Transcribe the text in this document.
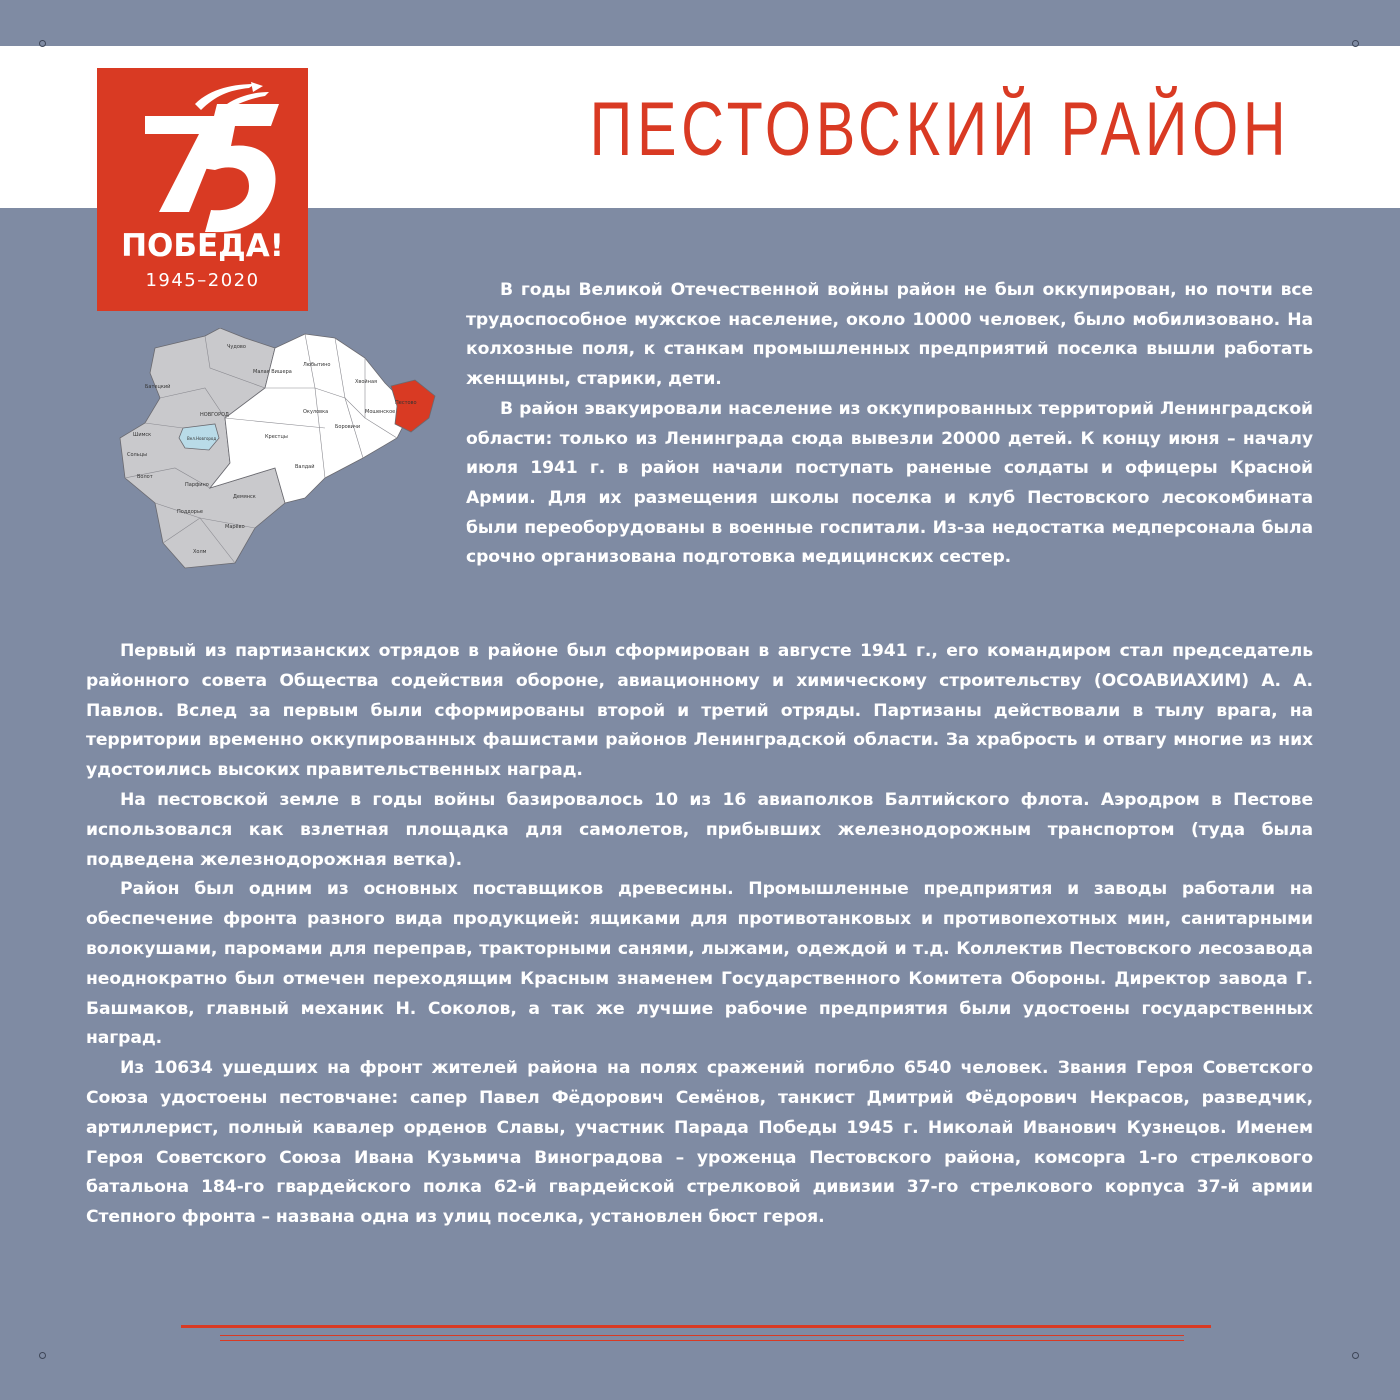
ПЕСТОВСКИЙ РАЙОН
ПОБЕДА!
1945–2020
Чудово
Малая Вишера
Любытино
Хвойная
Пестово
Мошенское
Боровичи
Окуловка
Крестцы
Валдай
Батецкий
НОВГОРОД
Вел.Новгород
Шимск
Сольцы
Волот
Парфино
Демянск
Поддорье
Марёво
Холм

В годы Великой Отечественной войны район не был оккупирован, но почти все трудоспособное мужское население, около 10000 человек, было мобилизовано. На колхозные поля, к станкам промышленных предприятий поселка вышли работать женщины, старики, дети.

В район эвакуировали население из оккупированных территорий Ленинградской области: только из Ленинграда сюда вывезли 20000 детей. К концу июня – началу июля 1941 г. в район начали поступать раненые солдаты и офицеры Красной Армии. Для их размещения школы поселка и клуб Пестовского лесокомбината были переоборудованы в военные госпитали. Из-за недостатка медперсонала была срочно организована подготовка медицинских сестер.

Первый из партизанских отрядов в районе был сформирован в августе 1941 г., его командиром стал председатель районного совета Общества содействия обороне, авиационному и химическому строительству (ОСОАВИАХИМ) А. А. Павлов. Вслед за первым были сформированы второй и третий отряды. Партизаны действовали в тылу врага, на территории временно оккупированных фашистами районов Ленинградской области. За храбрость и отвагу многие из них удостоились высоких правительственных наград.

На пестовской земле в годы войны базировалось 10 из 16 авиаполков Балтийского флота. Аэродром в Пестове использовался как взлетная площадка для самолетов, прибывших железнодорожным транспортом (туда была подведена железнодорожная ветка).

Район был одним из основных поставщиков древесины. Промышленные предприятия и заводы работали на обеспечение фронта разного вида продукцией: ящиками для противотанковых и противопехотных мин, санитарными волокушами, паромами для переправ, тракторными санями, лыжами, одеждой и т.д. Коллектив Пестовского лесозавода неоднократно был отмечен переходящим Красным знаменем Государственного Комитета Обороны. Директор завода Г. Башмаков, главный механик Н. Соколов, а так же лучшие рабочие предприятия были удостоены государственных наград.

Из 10634 ушедших на фронт жителей района на полях сражений погибло 6540 человек. Звания Героя Советского Союза удостоены пестовчане: сапер Павел Фёдорович Семёнов, танкист Дмитрий Фёдорович Некрасов, разведчик, артиллерист, полный кавалер орденов Славы, участник Парада Победы 1945 г. Николай Иванович Кузнецов. Именем Героя Советского Союза Ивана Кузьмича Виноградова – уроженца Пестовского района, комсорга 1-го стрелкового батальона 184-го гвардейского полка 62-й гвардейской стрелковой дивизии 37-го стрелкового корпуса 37-й армии Степного фронта – названа одна из улиц поселка, установлен бюст героя.
